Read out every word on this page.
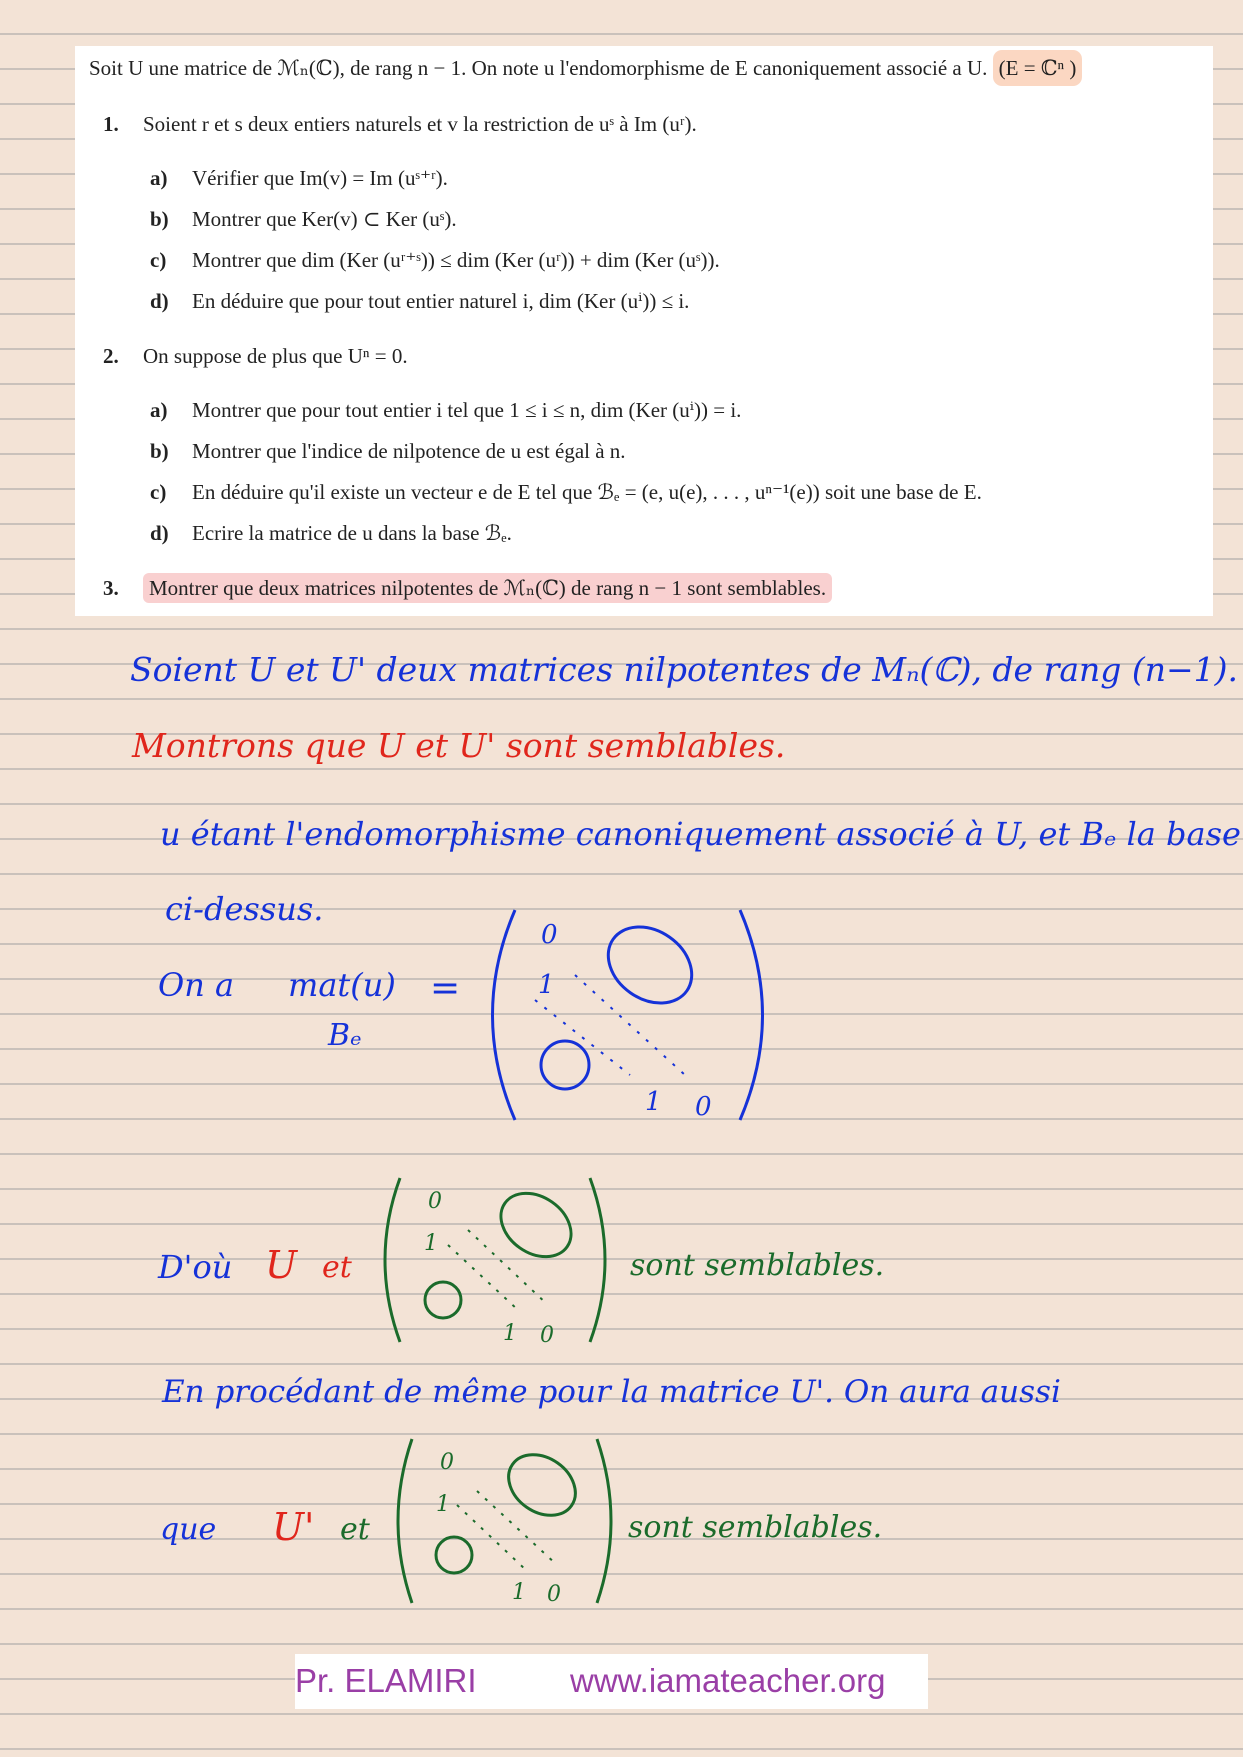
Soit U une matrice de ℳₙ(ℂ), de rang n − 1. On note u l'endomorphisme de E canoniquement associé a U. (E = ℂⁿ )
1. Soient r et s deux entiers naturels et v la restriction de uˢ à Im (uʳ).
a) Vérifier que Im(v) = Im (uˢ⁺ʳ).
b) Montrer que Ker(v) ⊂ Ker (uˢ).
c) Montrer que dim (Ker (uʳ⁺ˢ)) ≤ dim (Ker (uʳ)) + dim (Ker (uˢ)).
d) En déduire que pour tout entier naturel i, dim (Ker (uⁱ)) ≤ i.
2. On suppose de plus que Uⁿ = 0.
a) Montrer que pour tout entier i tel que 1 ≤ i ≤ n, dim (Ker (uⁱ)) = i.
b) Montrer que l'indice de nilpotence de u est égal à n.
c) En déduire qu'il existe un vecteur e de E tel que ℬₑ = (e, u(e), . . . , uⁿ⁻¹(e)) soit une base de E.
d) Ecrire la matrice de u dans la base ℬₑ.
3. Montrer que deux matrices nilpotentes de ℳₙ(ℂ) de rang n − 1 sont semblables.
Soient U et U' deux matrices nilpotentes de Mₙ(ℂ), de rang (n−1).
Montrons que U et U' sont semblables.
u étant l'endomorphisme canoniquement associé à U, et Bₑ la base
ci-dessus.
On a mat(u)
Bₑ
=
0
1
1 0
D'où U et
0
1
1 0
sont semblables.
En procédant de même pour la matrice U'. On aura aussi
que U' et
0
1
1 0
sont semblables.
Pr. ELAMIRI	www.iamateacher.org
